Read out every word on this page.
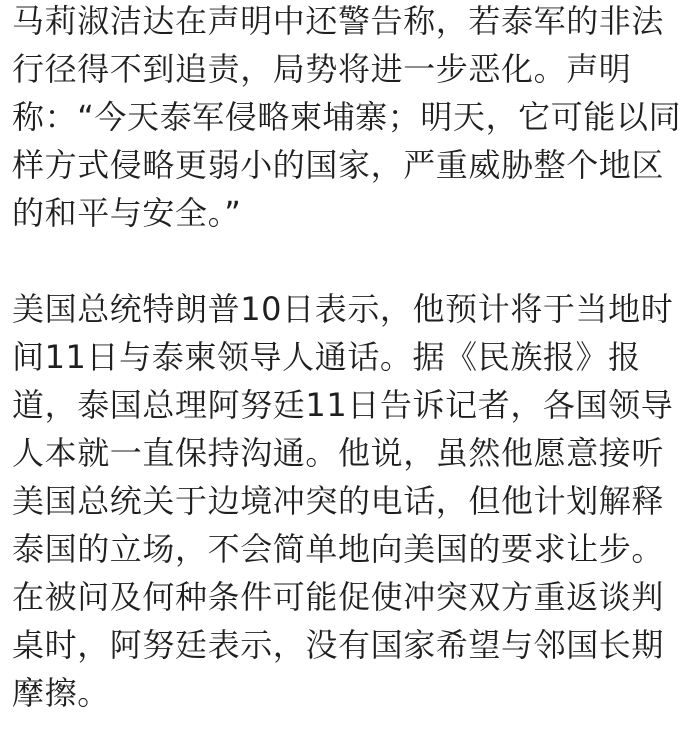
马莉淑洁达在声明中还警告称，若泰军的非法
行径得不到追责，局势将进一步恶化。声明
称：“今天泰军侵略柬埔寨；明天，它可能以同
样方式侵略更弱小的国家，严重威胁整个地区
的和平与安全。”
美国总统特朗普10日表示，他预计将于当地时
间11日与泰柬领导人通话。据《民族报》报
道，泰国总理阿努廷11日告诉记者，各国领导
人本就一直保持沟通。他说，虽然他愿意接听
美国总统关于边境冲突的电话，但他计划解释
泰国的立场，不会简单地向美国的要求让步。
在被问及何种条件可能促使冲突双方重返谈判
桌时，阿努廷表示，没有国家希望与邻国长期
摩擦。
